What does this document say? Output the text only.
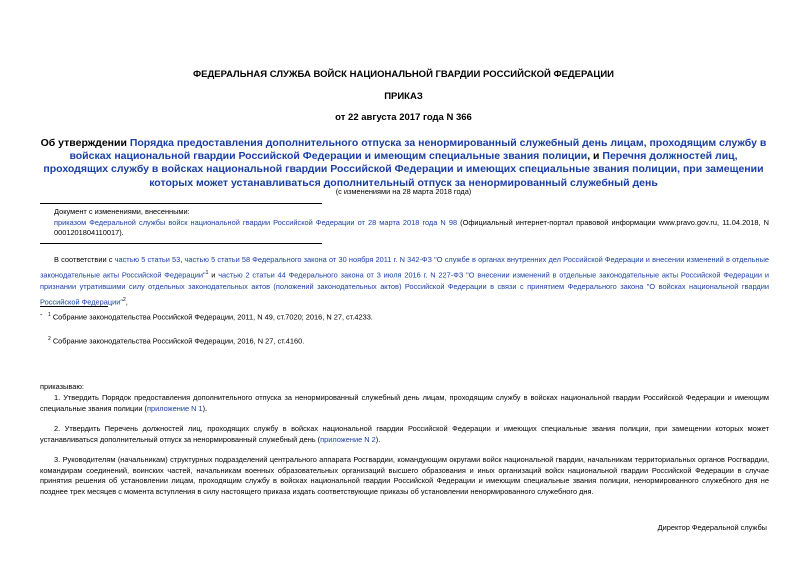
ФЕДЕРАЛЬНАЯ СЛУЖБА ВОЙСК НАЦИОНАЛЬНОЙ ГВАРДИИ РОССИЙСКОЙ ФЕДЕРАЦИИ
ПРИКАЗ
от 22 августа 2017 года N 366
Об утверждении Порядка предоставления дополнительного отпуска за ненормированный служебный день лицам, проходящим службу в войсках национальной гвардии Российской Федерации и имеющим специальные звания полиции, и Перечня должностей лиц, проходящих службу в войсках национальной гвардии Российской Федерации и имеющих специальные звания полиции, при замещении которых может устанавливаться дополнительный отпуск за ненормированный служебный день
(с изменениями на 28 марта 2018 года)
Документ с изменениями, внесенными:
приказом Федеральной службы войск национальной гвардии Российской Федерации от 28 марта 2018 года N 98 (Официальный интернет-портал правовой информации www.pravo.gov.ru, 11.04.2018, N 0001201804110017).
В соответствии с частью 5 статьи 53, частью 5 статьи 58 Федерального закона от 30 ноября 2011 г. N 342-ФЗ "О службе в органах внутренних дел Российской Федерации и внесении изменений в отдельные законодательные акты Российской Федерации"$^1$ и частью 2 статьи 44 Федерального закона от 3 июля 2016 г. N 227-ФЗ "О внесении изменений в отдельные законодательные акты Российской Федерации и признании утратившими силу отдельных законодательных актов (положений законодательных актов) Российской Федерации в связи с принятием Федерального закона "О войсках национальной гвардии Российской Федерации"$^2$,
-	$^1$ Собрание законодательства Российской Федерации, 2011, N 49, ст.7020; 2016, N 27, ст.4233.
$^2$ Собрание законодательства Российской Федерации, 2016, N 27, ст.4160.
приказываю:
1. Утвердить Порядок предоставления дополнительного отпуска за ненормированный служебный день лицам, проходящим службу в войсках национальной гвардии Российской Федерации и имеющим специальные звания полиции (приложение N 1).
2. Утвердить Перечень должностей лиц, проходящих службу в войсках национальной гвардии Российской Федерации и имеющих специальные звания полиции, при замещении которых может устанавливаться дополнительный отпуск за ненормированный служебный день (приложение N 2).
3. Руководителям (начальникам) структурных подразделений центрального аппарата Росгвардии, командующим округами войск национальной гвардии, начальникам территориальных органов Росгвардии, командирам соединений, воинских частей, начальникам военных образовательных организаций высшего образования и иных организаций войск национальной гвардии Российской Федерации в случае принятия решения об установлении лицам, проходящим службу в войсках национальной гвардии Российской Федерации и имеющим специальные звания полиции, ненормированного служебного дня не позднее трех месяцев с момента вступления в силу настоящего приказа издать соответствующие приказы об установлении ненормированного служебного дня.
Директор Федеральной службы
